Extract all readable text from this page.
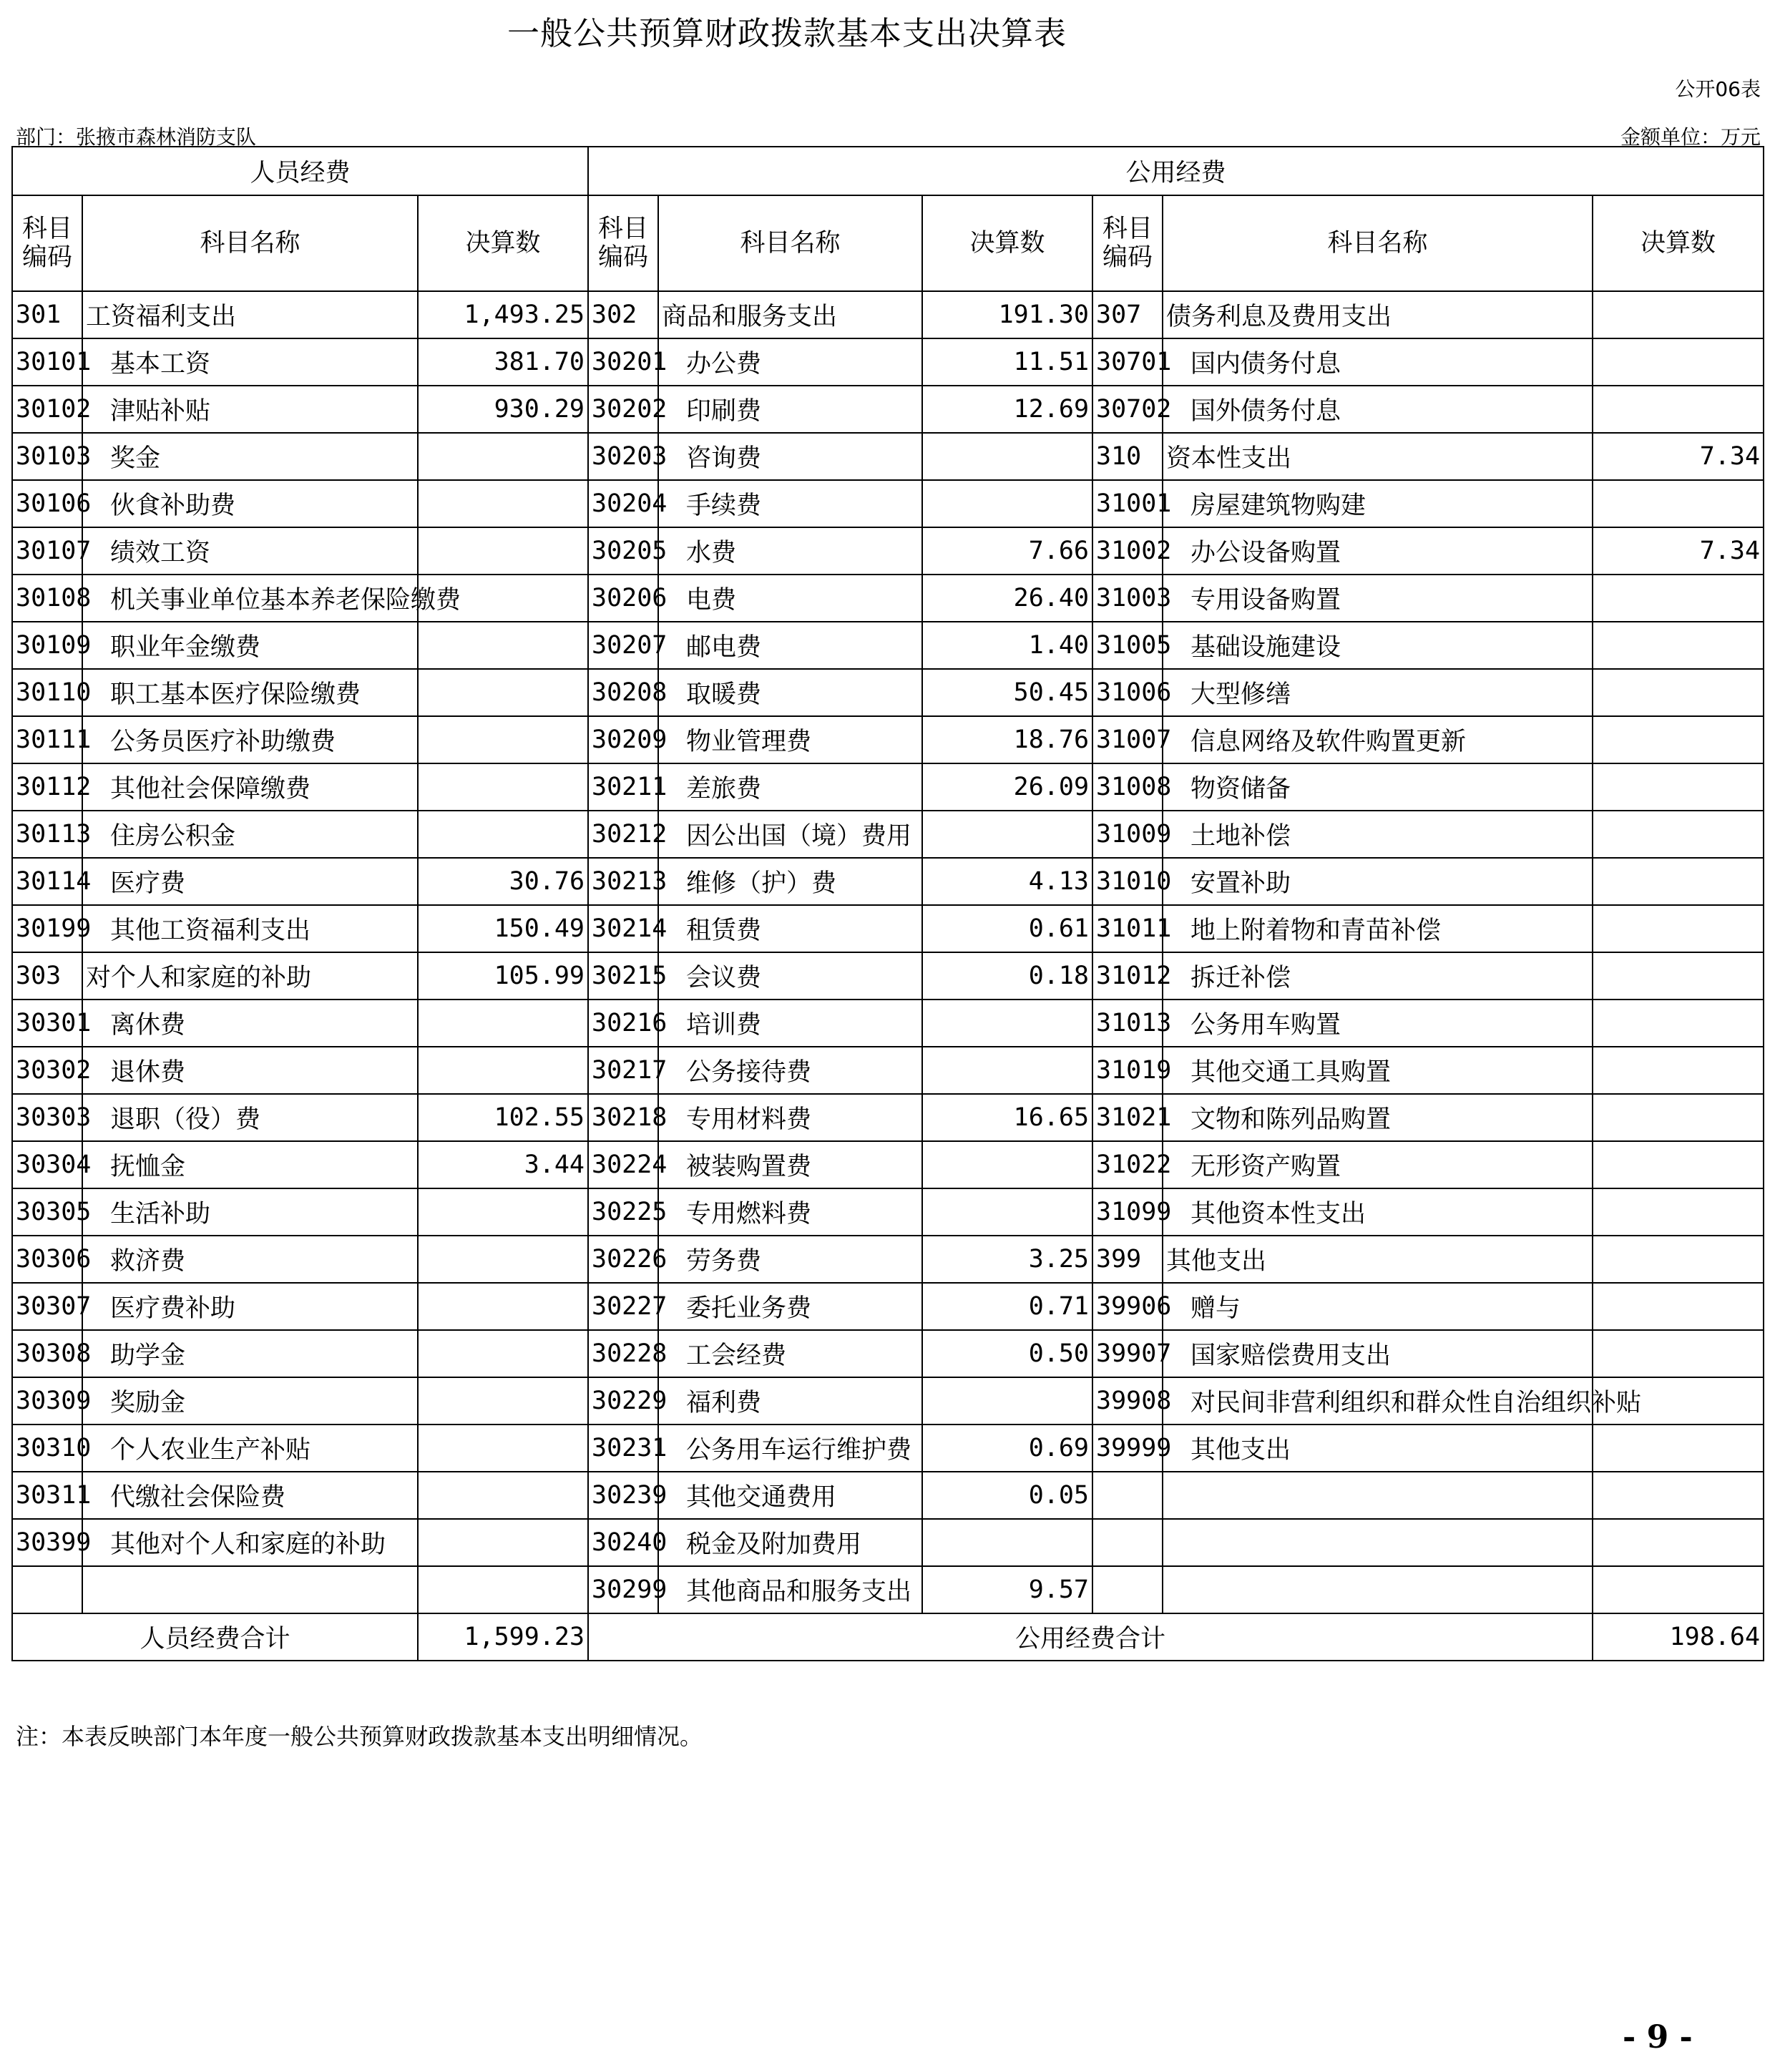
一般公共预算财政拨款基本支出决算表
公开06表
部门：张掖市森林消防支队	金额单位：万元
人员经费			公用经费					
科目编码	科目名称	决算数	科目编码	科目名称	决算数	科目编码	科目名称	决算数
301	工资福利支出	1,493.25	302	商品和服务支出	191.30	307	债务利息及费用支出	
30101	基本工资	381.70	30201	办公费	11.51	30701	国内债务付息	
30102	津贴补贴	930.29	30202	印刷费	12.69	30702	国外债务付息	
30103	奖金		30203	咨询费		310	资本性支出	7.34
30106	伙食补助费		30204	手续费		31001	房屋建筑物购建	
30107	绩效工资		30205	水费	7.66	31002	办公设备购置	7.34
30108	机关事业单位基本养老保险缴费		30206	电费	26.40	31003	专用设备购置	
30109	职业年金缴费		30207	邮电费	1.40	31005	基础设施建设	
30110	职工基本医疗保险缴费		30208	取暖费	50.45	31006	大型修缮	
30111	公务员医疗补助缴费		30209	物业管理费	18.76	31007	信息网络及软件购置更新	
30112	其他社会保障缴费		30211	差旅费	26.09	31008	物资储备	
30113	住房公积金		30212	因公出国（境）费用		31009	土地补偿	
30114	医疗费	30.76	30213	维修（护）费	4.13	31010	安置补助	
30199	其他工资福利支出	150.49	30214	租赁费	0.61	31011	地上附着物和青苗补偿	
303	对个人和家庭的补助	105.99	30215	会议费	0.18	31012	拆迁补偿	
30301	离休费		30216	培训费		31013	公务用车购置	
30302	退休费		30217	公务接待费		31019	其他交通工具购置	
30303	退职（役）费	102.55	30218	专用材料费	16.65	31021	文物和陈列品购置	
30304	抚恤金	3.44	30224	被装购置费		31022	无形资产购置	
30305	生活补助		30225	专用燃料费		31099	其他资本性支出	
30306	救济费		30226	劳务费	3.25	399	其他支出	
30307	医疗费补助		30227	委托业务费	0.71	39906	赠与	
30308	助学金		30228	工会经费	0.50	39907	国家赔偿费用支出	
30309	奖励金		30229	福利费		39908	对民间非营利组织和群众性自治组织补贴	
30310	个人农业生产补贴		30231	公务用车运行维护费	0.69	39999	其他支出	
30311	代缴社会保险费		30239	其他交通费用	0.05			
30399	其他对个人和家庭的补助		30240	税金及附加费用				
			30299	其他商品和服务支出	9.57			
人员经费合计		1,599.23	公用经费合计					198.64
注：本表反映部门本年度一般公共预算财政拨款基本支出明细情况。
- 9 -
